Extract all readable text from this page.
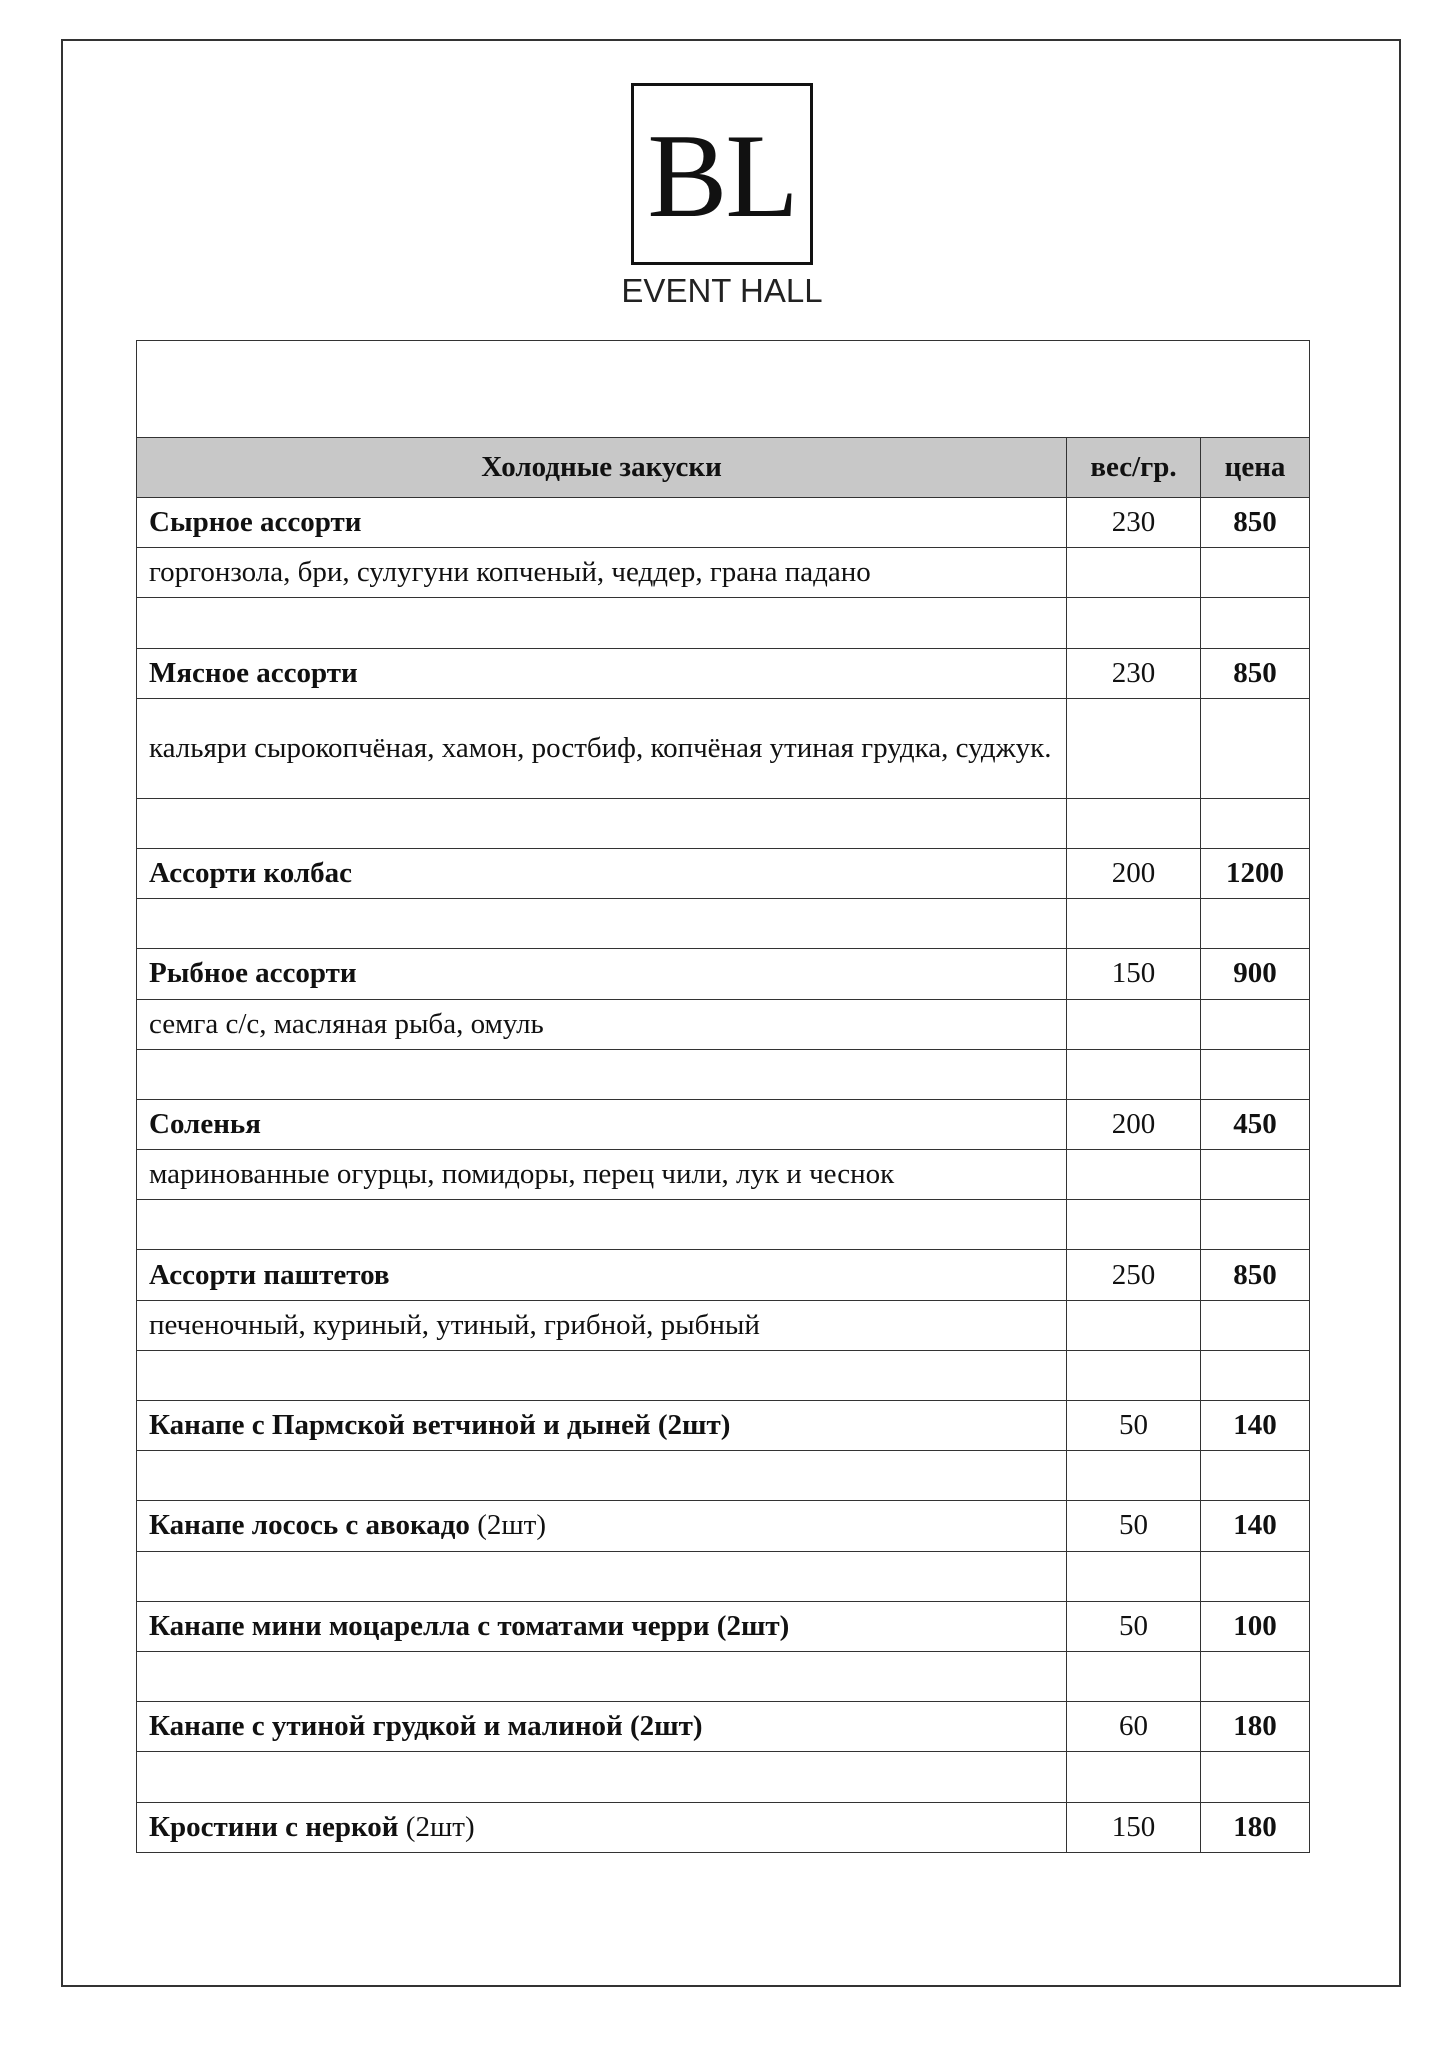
BL
EVENT HALL

Холодные закуски	вес/гр.	цена
Сырное ассорти	230	850
горгонзола, бри, сулугуни копченый, чеддер, грана падано		

Мясное ассорти	230	850
кальяри сырокопчёная, хамон, ростбиф, копчёная утиная грудка, суджук.		

Ассорти колбас	200	1200

Рыбное ассорти	150	900
семга с/с, масляная рыба, омуль		

Соленья	200	450
маринованные огурцы, помидоры, перец чили, лук и чеснок		

Ассорти паштетов	250	850
печеночный, куриный, утиный, грибной, рыбный		

Канапе с Пармской ветчиной и дыней (2шт)	50	140

Канапе лосось с авокадо (2шт)	50	140

Канапе мини моцарелла с томатами черри (2шт)	50	100

Канапе с утиной грудкой и малиной (2шт)	60	180

Кростини с неркой (2шт)	150	180
